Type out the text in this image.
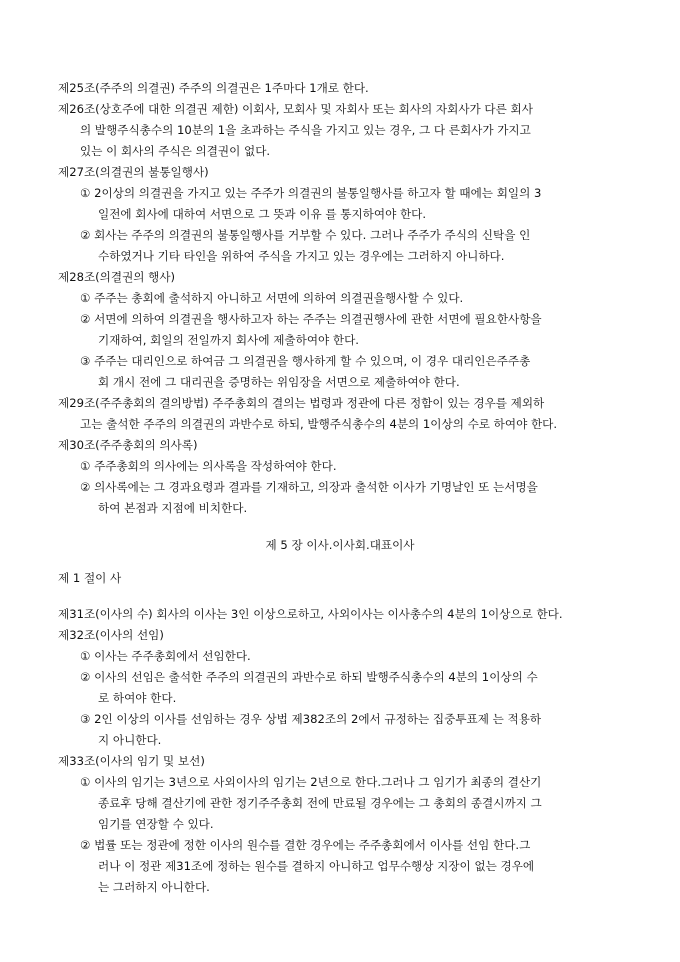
제25조(주주의 의결권) 주주의 의결권은 1주마다 1개로 한다.
제26조(상호주에 대한 의결권 제한) 이회사, 모회사 및 자회사 또는 회사의 자회사가 다른 회사
의 발행주식총수의 10분의 1을 초과하는 주식을 가지고 있는 경우, 그 다 른회사가 가지고
있는 이 회사의 주식은 의결권이 없다.
제27조(의결권의 불통일행사)
① 2이상의 의결권을 가지고 있는 주주가 의결권의 불통일행사를 하고자 할 때에는 회일의 3
일전에 회사에 대하여 서면으로 그 뜻과 이유 를 통지하여야 한다.
② 회사는 주주의 의결권의 불통일행사를 거부할 수 있다. 그러나 주주가 주식의 신탁을 인
수하였거나 기타 타인을 위하여 주식을 가지고 있는 경우에는 그러하지 아니하다.
제28조(의결권의 행사)
① 주주는 총회에 출석하지 아니하고 서면에 의하여 의결권을행사할 수 있다.
② 서면에 의하여 의결권을 행사하고자 하는 주주는 의결권행사에 관한 서면에 필요한사항을
기재하여, 회일의 전일까지 회사에 제출하여야 한다.
③ 주주는 대리인으로 하여금 그 의결권을 행사하게 할 수 있으며, 이 경우 대리인은주주총
회 개시 전에 그 대리권을 증명하는 위임장을 서면으로 제출하여야 한다.
제29조(주주총회의 결의방법) 주주총회의 결의는 법령과 정관에 다른 정함이 있는 경우를 제외하
고는 출석한 주주의 의결권의 과반수로 하되, 발행주식총수의 4분의 1이상의 수로 하여야 한다.
제30조(주주총회의 의사록)
① 주주총회의 의사에는 의사록을 작성하여야 한다.
② 의사록에는 그 경과요령과 결과를 기재하고, 의장과 출석한 이사가 기명날인 또 는서명을
하여 본점과 지점에 비치한다.
제 5 장 이사.이사회.대표이사
제 1 절이 사
제31조(이사의 수) 회사의 이사는 3인 이상으로하고, 사외이사는 이사총수의 4분의 1이상으로 한다.
제32조(이사의 선임)
① 이사는 주주총회에서 선임한다.
② 이사의 선임은 출석한 주주의 의결권의 과반수로 하되 발행주식총수의 4분의 1이상의 수
로 하여야 한다.
③ 2인 이상의 이사를 선임하는 경우 상법 제382조의 2에서 규정하는 집중투표제 는 적용하
지 아니한다.
제33조(이사의 임기 및 보선)
① 이사의 임기는 3년으로 사외이사의 임기는 2년으로 한다.그러나 그 임기가 최종의 결산기
종료후 당해 결산기에 관한 정기주주총회 전에 만료될 경우에는 그 총회의 종결시까지 그
임기를 연장할 수 있다.
② 법률 또는 정관에 정한 이사의 원수를 결한 경우에는 주주총회에서 이사를 선임 한다.그
러나 이 정관 제31조에 정하는 원수를 결하지 아니하고 업무수행상 지장이 없는 경우에
는 그러하지 아니한다.
